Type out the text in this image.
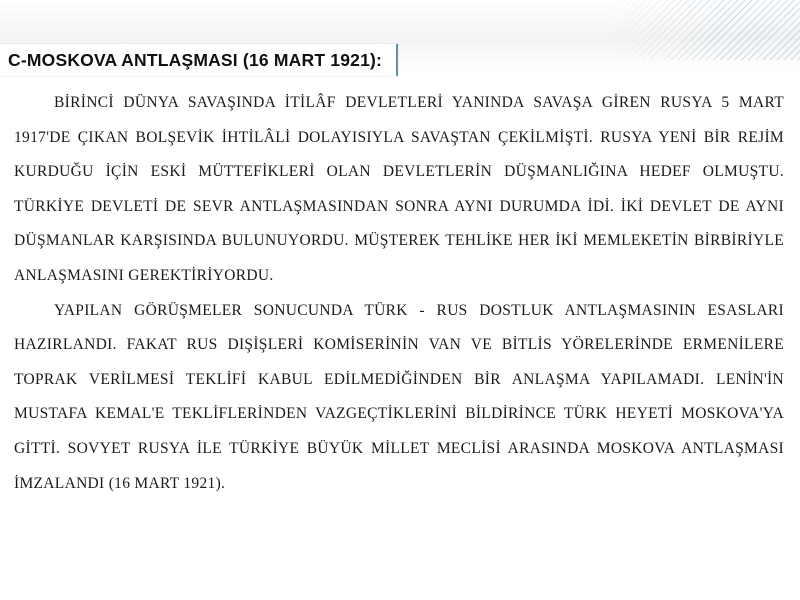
C-MOSKOVA ANTLAŞMASI (16 MART 1921):

BİRİNCİ DÜNYA SAVAŞINDA İTİLÂF DEVLETLERİ YANINDA SAVAŞA GİREN RUSYA 5 MART 1917'DE ÇIKAN BOLŞEVİK İHTİLÂLİ DOLAYISIYLA SAVAŞTAN ÇEKİLMİŞTİ. RUSYA YENİ BİR REJİM KURDUĞU İÇİN ESKİ MÜTTEFİKLERİ OLAN DEVLETLERİN DÜŞMANLIĞINA HEDEF OLMUŞTU. TÜRKİYE DEVLETİ DE SEVR ANTLAŞMASINDAN SONRA AYNI DURUMDA İDİ. İKİ DEVLET DE AYNI DÜŞMANLAR KARŞISINDA BULUNUYORDU. MÜŞTEREK TEHLİKE HER İKİ MEMLEKETİN BİRBİRİYLE ANLAŞMASINI GEREKTİRİYORDU.

YAPILAN GÖRÜŞMELER SONUCUNDA TÜRK - RUS DOSTLUK ANTLAŞMASININ ESASLARI HAZIRLANDI. FAKAT RUS DIŞİŞLERİ KOMİSERİNİN VAN VE BİTLİS YÖRELERİNDE ERMENİLERE TOPRAK VERİLMESİ TEKLİFİ KABUL EDİLMEDİĞİNDEN BİR ANLAŞMA YAPILAMADI. LENİN'İN MUSTAFA KEMAL'E TEKLİFLERİNDEN VAZGEÇTİKLERİNİ BİLDİRİNCE TÜRK HEYETİ MOSKOVA'YA GİTTİ. SOVYET RUSYA İLE TÜRKİYE BÜYÜK MİLLET MECLİSİ ARASINDA MOSKOVA ANTLAŞMASI İMZALANDI (16 MART 1921).
